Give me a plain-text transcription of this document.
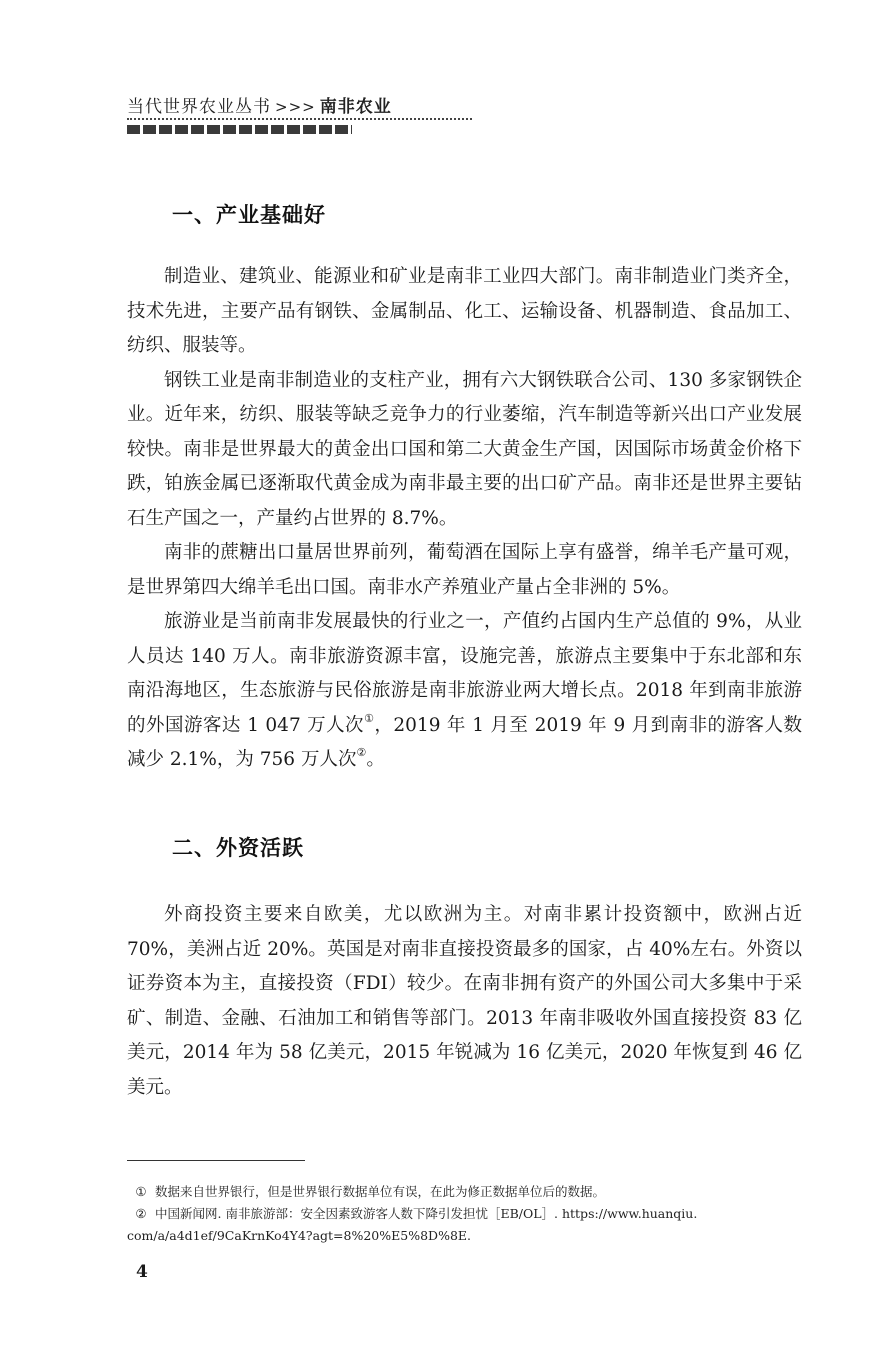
当代世界农业丛书 >>> 南非农业
一、产业基础好

制造业、建筑业、能源业和矿业是南非工业四大部门。南非制造业门类齐全，技术先进，主要产品有钢铁、金属制品、化工、运输设备、机器制造、食品加工、纺织、服装等。

钢铁工业是南非制造业的支柱产业，拥有六大钢铁联合公司、130 多家钢铁企业。近年来，纺织、服装等缺乏竞争力的行业萎缩，汽车制造等新兴出口产业发展较快。南非是世界最大的黄金出口国和第二大黄金生产国，因国际市场黄金价格下跌，铂族金属已逐渐取代黄金成为南非最主要的出口矿产品。南非还是世界主要钻石生产国之一，产量约占世界的 8.7%。

南非的蔗糖出口量居世界前列，葡萄酒在国际上享有盛誉，绵羊毛产量可观，是世界第四大绵羊毛出口国。南非水产养殖业产量占全非洲的 5%。

旅游业是当前南非发展最快的行业之一，产值约占国内生产总值的 9%，从业人员达 140 万人。南非旅游资源丰富，设施完善，旅游点主要集中于东北部和东南沿海地区，生态旅游与民俗旅游是南非旅游业两大增长点。2018 年到南非旅游的外国游客达 1 047 万人次①，2019 年 1 月至 2019 年 9 月到南非的游客人数减少 2.1%，为 756 万人次②。

二、外资活跃

外商投资主要来自欧美，尤以欧洲为主。对南非累计投资额中，欧洲占近 70%，美洲占近 20%。英国是对南非直接投资最多的国家，占 40%左右。外资以证券资本为主，直接投资（FDI）较少。在南非拥有资产的外国公司大多集中于采矿、制造、金融、石油加工和销售等部门。2013 年南非吸收外国直接投资 83 亿美元，2014 年为 58 亿美元，2015 年锐减为 16 亿美元，2020 年恢复到 46 亿美元。

① 数据来自世界银行，但是世界银行数据单位有误，在此为修正数据单位后的数据。

② 中国新闻网. 南非旅游部：安全因素致游客人数下降引发担忧［EB/OL］. https://www.huanqiu.

com/a/a4d1ef/9CaKrnKo4Y4?agt=8%20%E5%8D%8E.

4
